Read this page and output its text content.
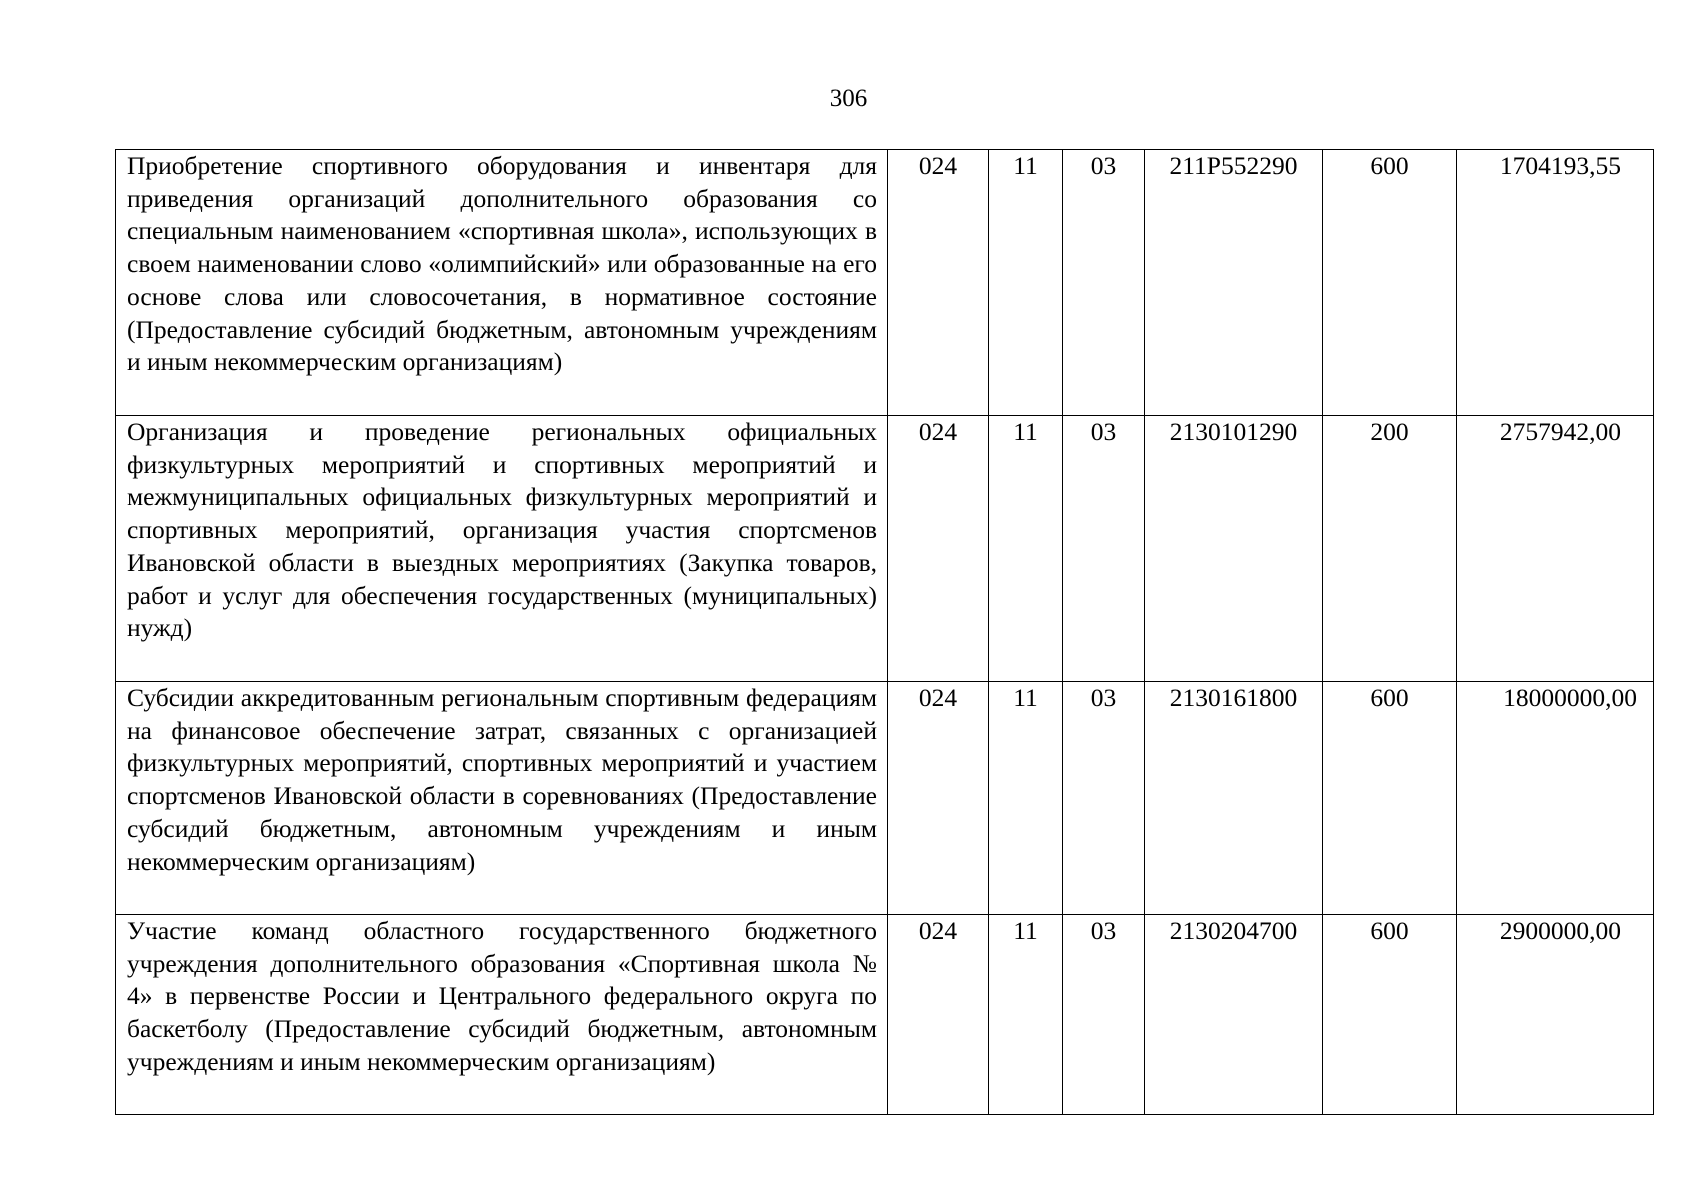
306
Приобретение спортивного оборудования и инвентаря для приведения организаций дополнительного образования со специальным наименованием «спортивная школа», использующих в своем наименовании слово «олимпийский» или образованные на его основе слова или словосочетания, в нормативное состояние (Предоставление субсидий бюджетным, автономным учреждениям и иным некоммерческим организациям)	024	11	03	211P552290	600	1704193,55
Организация и проведение региональных официальных физкультурных мероприятий и спортивных мероприятий и межмуниципальных официальных физкультурных мероприятий и спортивных мероприятий, организация участия спортсменов Ивановской области в выездных мероприятиях (Закупка товаров, работ и услуг для обеспечения государственных (муниципальных) нужд)	024	11	03	2130101290	200	2757942,00
Субсидии аккредитованным региональным спортивным федерациям на финансовое обеспечение затрат, связанных с организацией физкультурных мероприятий, спортивных мероприятий и участием спортсменов Ивановской области в соревнованиях (Предоставление субсидий бюджетным, автономным учреждениям и иным некоммерческим организациям)	024	11	03	2130161800	600	18000000,00
Участие команд областного государственного бюджетного учреждения дополнительного образования «Спортивная школа № 4» в первенстве России и Центрального федерального округа по баскетболу (Предоставление субсидий бюджетным, автономным учреждениям и иным некоммерческим организациям)	024	11	03	2130204700	600	2900000,00
